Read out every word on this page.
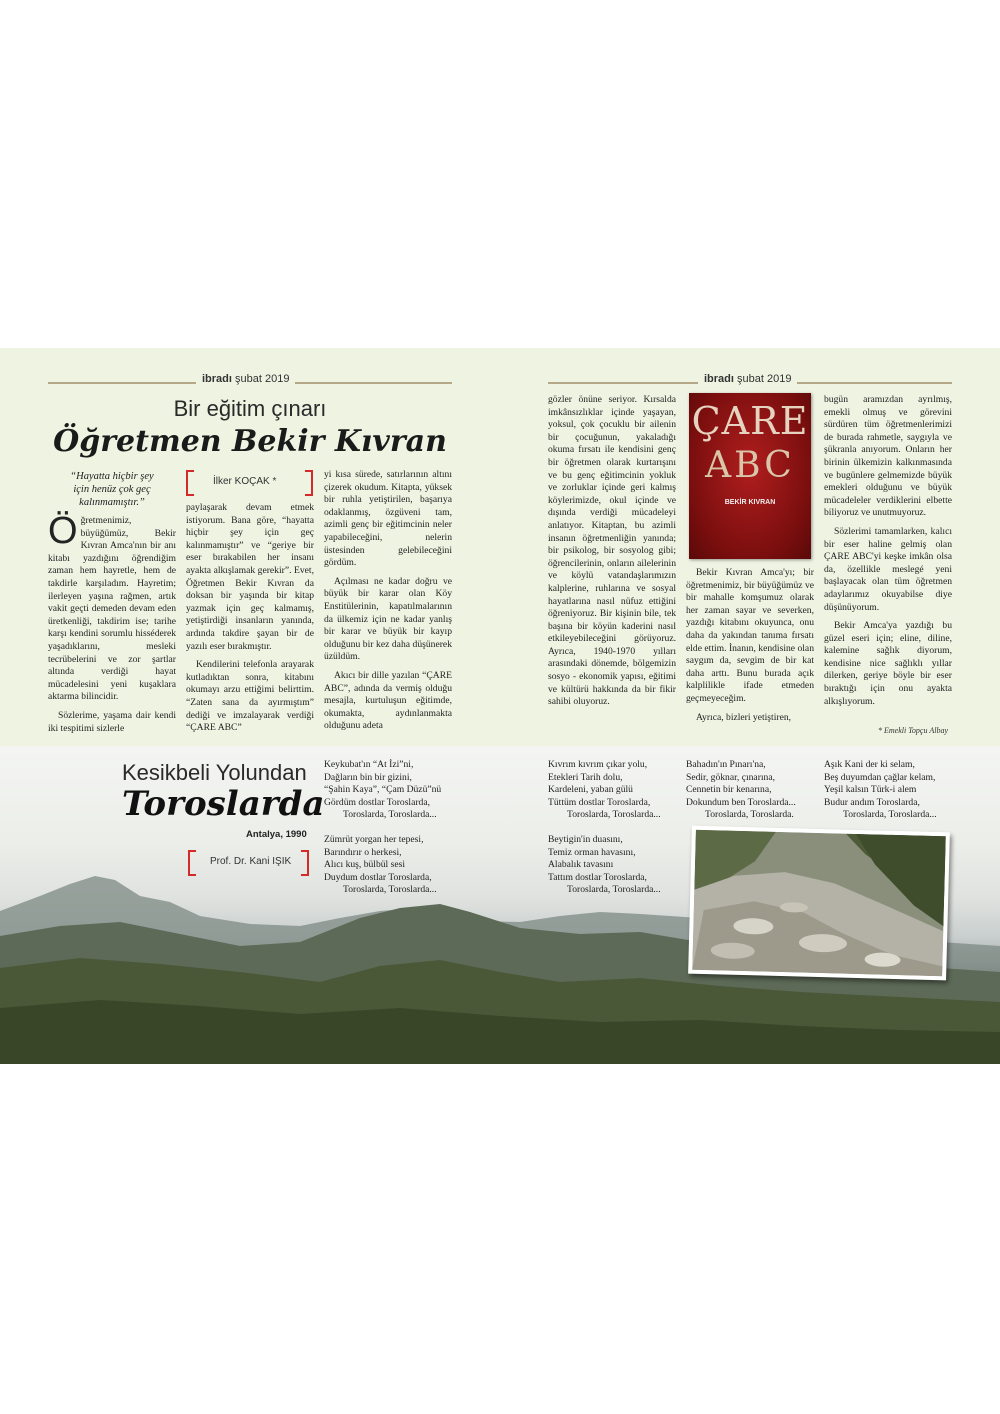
ibradı şubat 2019	ibradı şubat 2019
Bir eğitim çınarı
Öğretmen Bekir Kıvran
“Hayatta hiçbir şey
için henüz çok geç
kalınmamıştır.”
İlker KOÇAK *

Öğretmenimiz, büyüğümüz, Bekir Kıvran Amca'nın bir anı kitabı yazdığını öğrendiğim zaman hem hayretle, hem de takdirle karşıladım. Hayretim; ilerleyen yaşına rağmen, artık vakit geçti demeden devam eden üretkenliği, takdirim ise; tarihe karşı kendini sorumlu hisséderek yaşadıklarını, mesleki tecrübelerini ve zor şartlar altında verdiği hayat mücadelesini yeni kuşaklara aktarma bilincidir.

Sözlerime, yaşama dair kendi iki tespitimi sizlerle

paylaşarak devam etmek istiyorum. Bana göre, “hayatta hiçbir şey için geç kalınmamıştır” ve “geriye bir eser bırakabilen her insanı ayakta alkışlamak gerekir”. Evet, Öğretmen Bekir Kıvran da doksan bir yaşında bir kitap yazmak için geç kalmamış, yetiştirdiği insanların yanında, ardında takdire şayan bir de yazılı eser bırakmıştır.

Kendilerini telefonla arayarak kutladıktan sonra, kitabını okumayı arzu ettiğimi belirttim. “Zaten sana da ayırmıştım” dediği ve imzalayarak verdiği “ÇARE ABC”

yi kısa sürede, satırlarının altını çizerek okudum. Kitapta, yüksek bir ruhla yetiştirilen, başarıya odaklanmış, özgüveni tam, azimli genç bir eğitimcinin neler yapabileceğini, nelerin üstesinden gelebileceğini gördüm.

Açılması ne kadar doğru ve büyük bir karar olan Köy Enstitülerinin, kapatılmalarının da ülkemiz için ne kadar yanlış bir karar ve büyük bir kayıp olduğunu bir kez daha düşünerek üzüldüm.

Akıcı bir dille yazılan “ÇARE ABC”, adında da vermiş olduğu mesajla, kurtuluşun eğitimde, okumakta, aydınlanmakta olduğunu adeta

gözler önüne seriyor. Kırsalda imkânsızlıklar içinde yaşayan, yoksul, çok çocuklu bir ailenin bir çocuğunun, yakaladığı okuma fırsatı ile kendisini genç bir öğretmen olarak kurtarışını ve bu genç eğitimcinin yokluk ve zorluklar içinde geri kalmış köylerimizde, okul içinde ve dışında verdiği mücadeleyi anlatıyor. Kitaptan, bu azimli insanın öğretmenliğin yanında; bir psikolog, bir sosyolog gibi; öğrencilerinin, onların ailelerinin ve köylü vatandaşlarımızın kalplerine, ruhlarına ve sosyal hayatlarına nasıl nüfuz ettiğini öğreniyoruz. Bir kişinin bile, tek başına bir köyün kaderini nasıl etkileyebileceğini görüyoruz. Ayrıca, 1940-1970 yılları arasındaki dönemde, bölgemizin sosyo - ekonomik yapısı, eğitimi ve kültürü hakkında da bir fikir sahibi oluyoruz.

ÇARE
ABC
BEKİR KIVRAN

Bekir Kıvran Amca'yı; bir öğretmenimiz, bir büyüğümüz ve bir mahalle komşumuz olarak her zaman sayar ve severken, yazdığı kitabını okuyunca, onu daha da yakından tanıma fırsatı elde ettim. İnanın, kendisine olan saygım da, sevgim de bir kat daha arttı. Bunu burada açık kalplilikle ifade etmeden geçmeyeceğim.

Ayrıca, bizleri yetiştiren,

bugün aramızdan ayrılmış, emekli olmuş ve görevini sürdüren tüm öğretmenlerimizi de burada rahmetle, saygıyla ve şükranla anıyorum. Onların her birinin ülkemizin kalkınmasında ve bugünlere gelmemizde büyük emekleri olduğunu ve büyük mücadeleler verdiklerini elbette biliyoruz ve unutmuyoruz.

Sözlerimi tamamlarken, kalıcı bir eser haline gelmiş olan ÇARE ABC'yi keşke imkân olsa da, özellikle meslegé yeni başlayacak olan tüm öğretmen adaylarımız okuyabilse diye düşünüyorum.

Bekir Amca'ya yazdığı bu güzel eseri için; eline, diline, kalemine sağlık diyorum, kendisine nice sağlıklı yıllar dilerken, geriye böyle bir eser bıraktığı için onu ayakta alkışlıyorum.

* Emekli Topçu Albay
Kesikbeli Yolundan
Toroslarda
Antalya, 1990
Prof. Dr. Kani IŞIK
Keykubat'ın “At İzi”ni,
Dağların bin bir gizini,
“Şahin Kaya”, “Çam Düzü”nü
Gördüm dostlar Toroslarda,
Toroslarda, Toroslarda...
Zümrüt yorgan her tepesi,
Barındırır o herkesi,
Alıcı kuş, bülbül sesi
Duydum dostlar Toroslarda,
Toroslarda, Toroslarda...
Kıvrım kıvrım çıkar yolu,
Etekleri Tarih dolu,
Kardeleni, yaban gülü
Tüttüm dostlar Toroslarda,
Toroslarda, Toroslarda...
Beytigin'in duasını,
Temiz orman havasını,
Alabalık tavasını
Tattım dostlar Toroslarda,
Toroslarda, Toroslarda...
Bahadın'ın Pınarı'na,
Sedir, göknar, çınarına,
Cennetin bir kenarına,
Dokundum ben Toroslarda...
Toroslarda, Toroslarda.
Aşık Kani der ki selam,
Beş duyumdan çağlar kelam,
Yeşil kalsın Türk-i alem
Budur andım Toroslarda,
Toroslarda, Toroslarda...
